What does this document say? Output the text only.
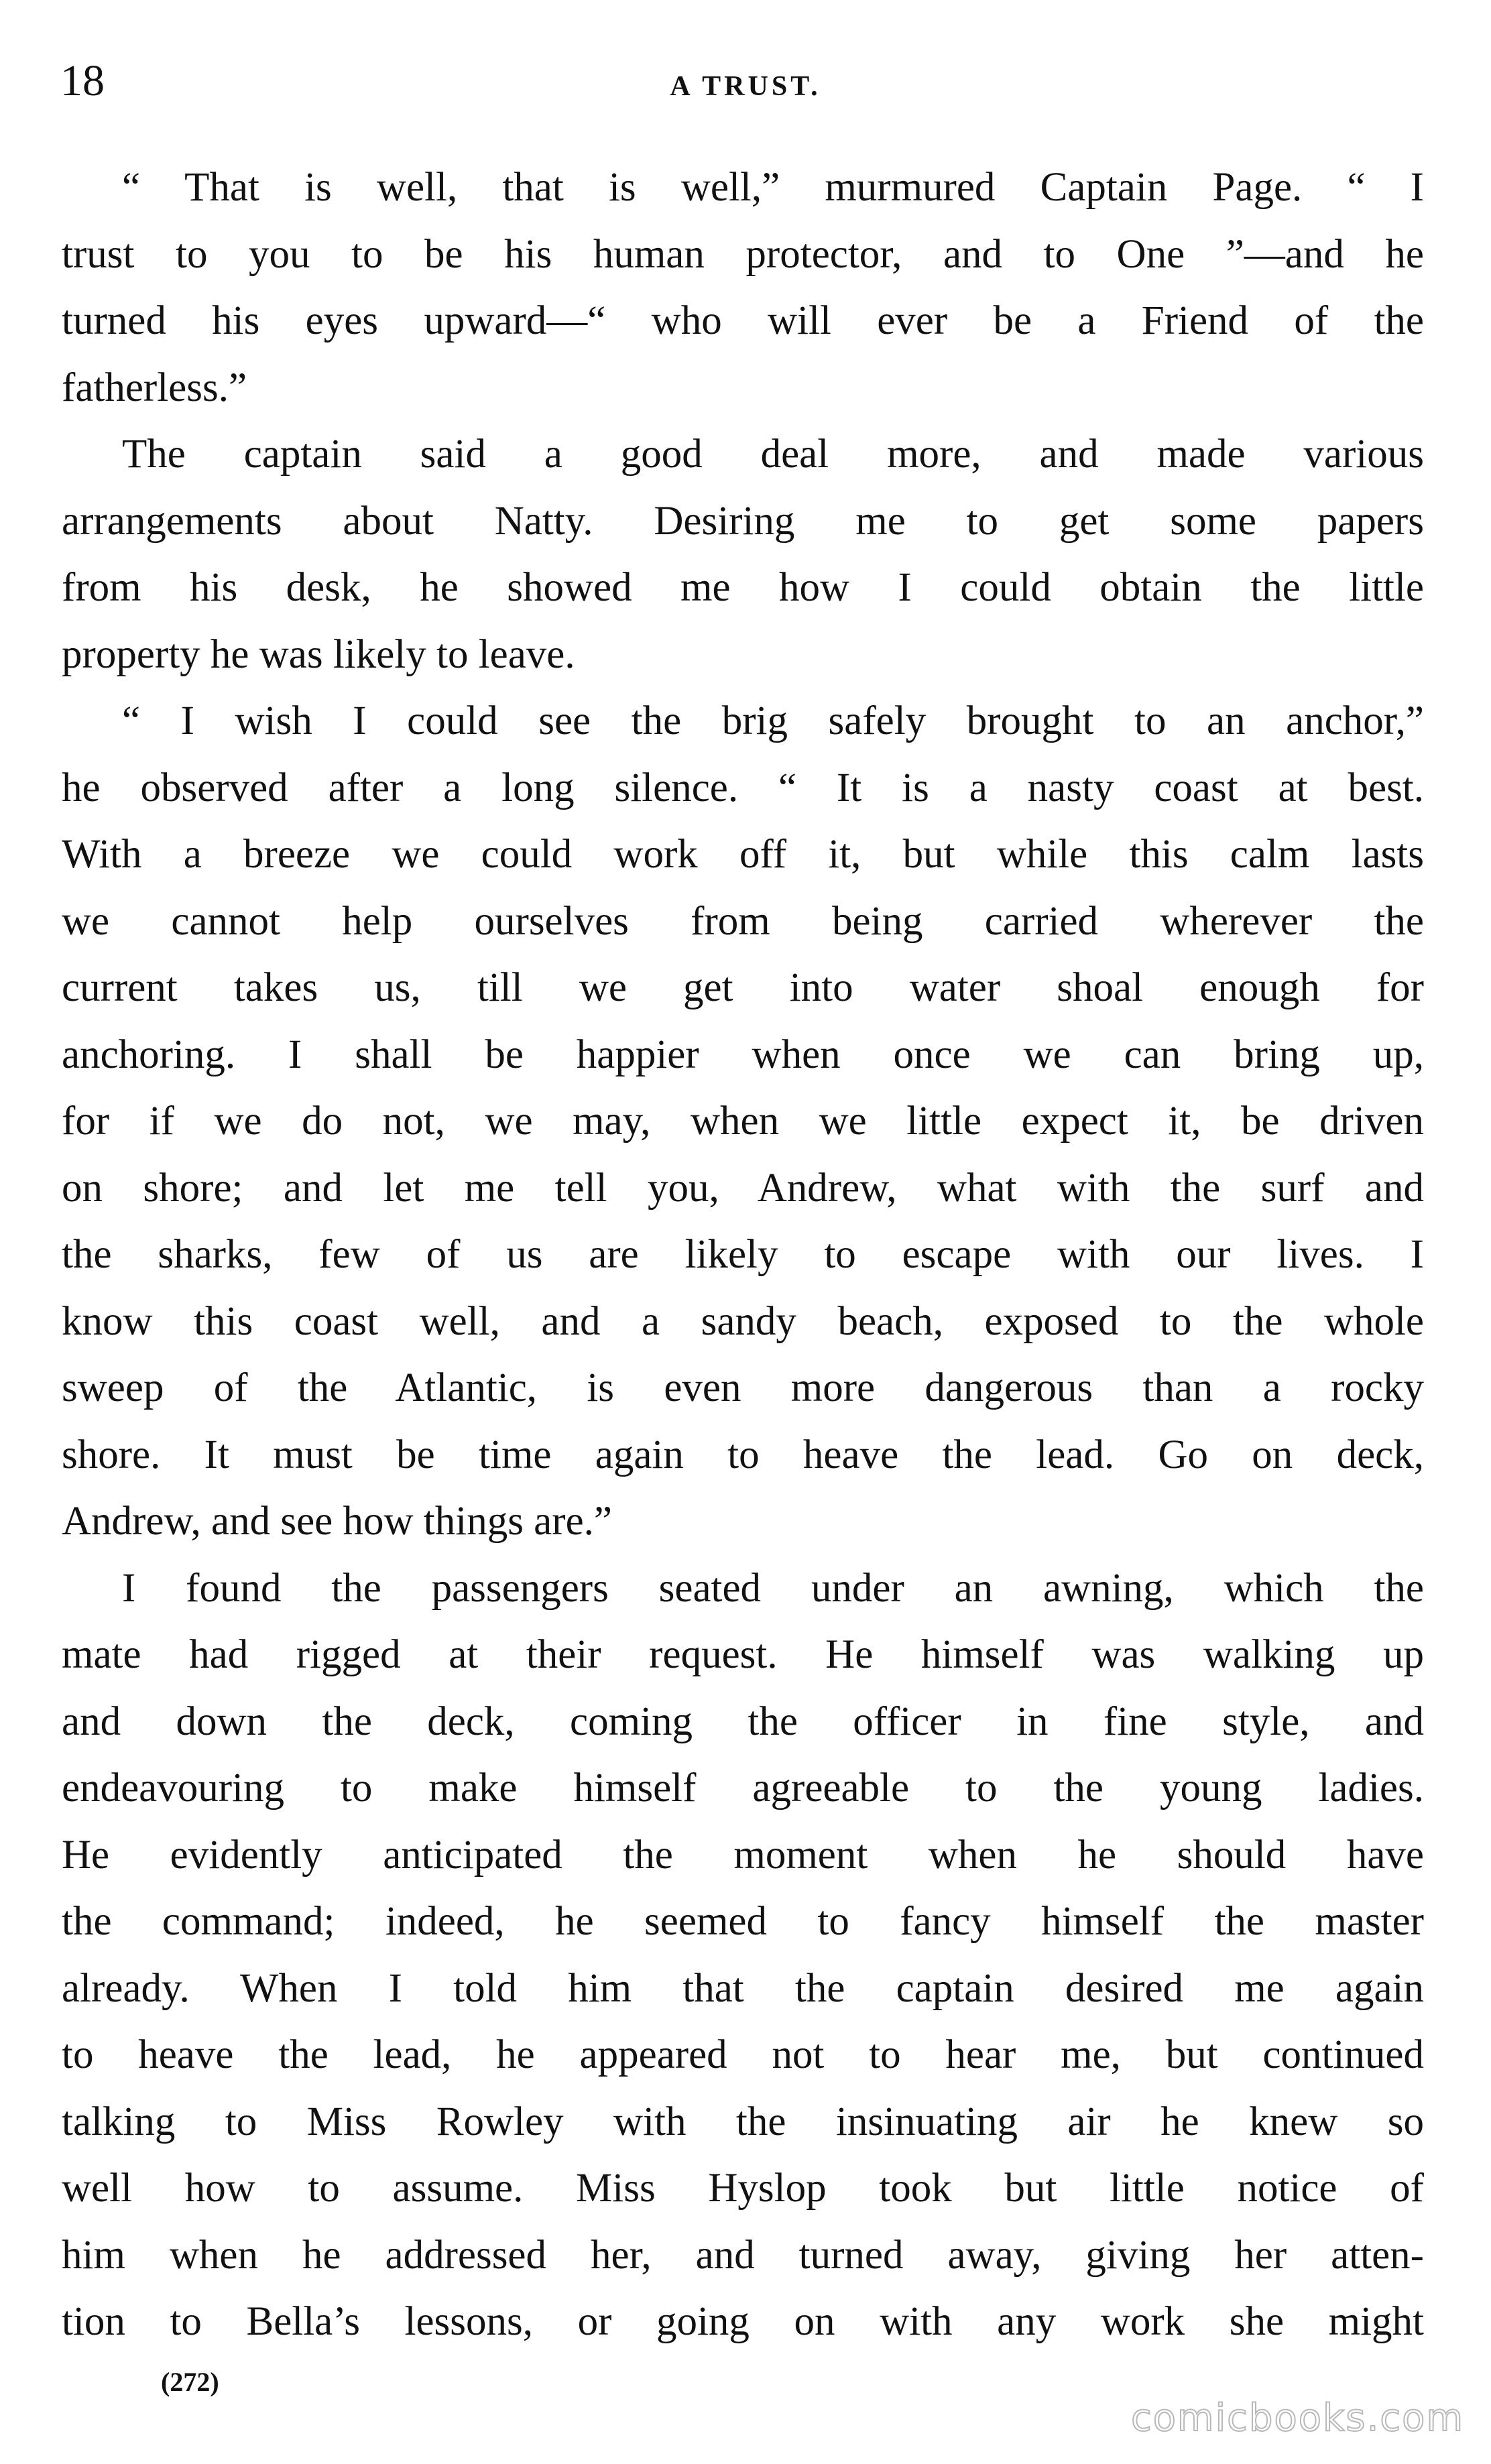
18	A TRUST.
“ That is well, that is well,” murmured Captain Page. “ I
trust to you to be his human protector, and to One ”—and he
turned his eyes upward—“ who will ever be a Friend of the
fatherless.”
The captain said a good deal more, and made various
arrangements about Natty. Desiring me to get some papers
from his desk, he showed me how I could obtain the little
property he was likely to leave.
“ I wish I could see the brig safely brought to an anchor,”
he observed after a long silence. “ It is a nasty coast at best.
With a breeze we could work off it, but while this calm lasts
we cannot help ourselves from being carried wherever the
current takes us, till we get into water shoal enough for
anchoring. I shall be happier when once we can bring up,
for if we do not, we may, when we little expect it, be driven
on shore; and let me tell you, Andrew, what with the surf and
the sharks, few of us are likely to escape with our lives. I
know this coast well, and a sandy beach, exposed to the whole
sweep of the Atlantic, is even more dangerous than a rocky
shore. It must be time again to heave the lead. Go on deck,
Andrew, and see how things are.”
I found the passengers seated under an awning, which the
mate had rigged at their request. He himself was walking up
and down the deck, coming the officer in fine style, and
endeavouring to make himself agreeable to the young ladies.
He evidently anticipated the moment when he should have
the command; indeed, he seemed to fancy himself the master
already. When I told him that the captain desired me again
to heave the lead, he appeared not to hear me, but continued
talking to Miss Rowley with the insinuating air he knew so
well how to assume. Miss Hyslop took but little notice of
him when he addressed her, and turned away, giving her atten-
tion to Bella’s lessons, or going on with any work she might
(272)
comicbooks.com
